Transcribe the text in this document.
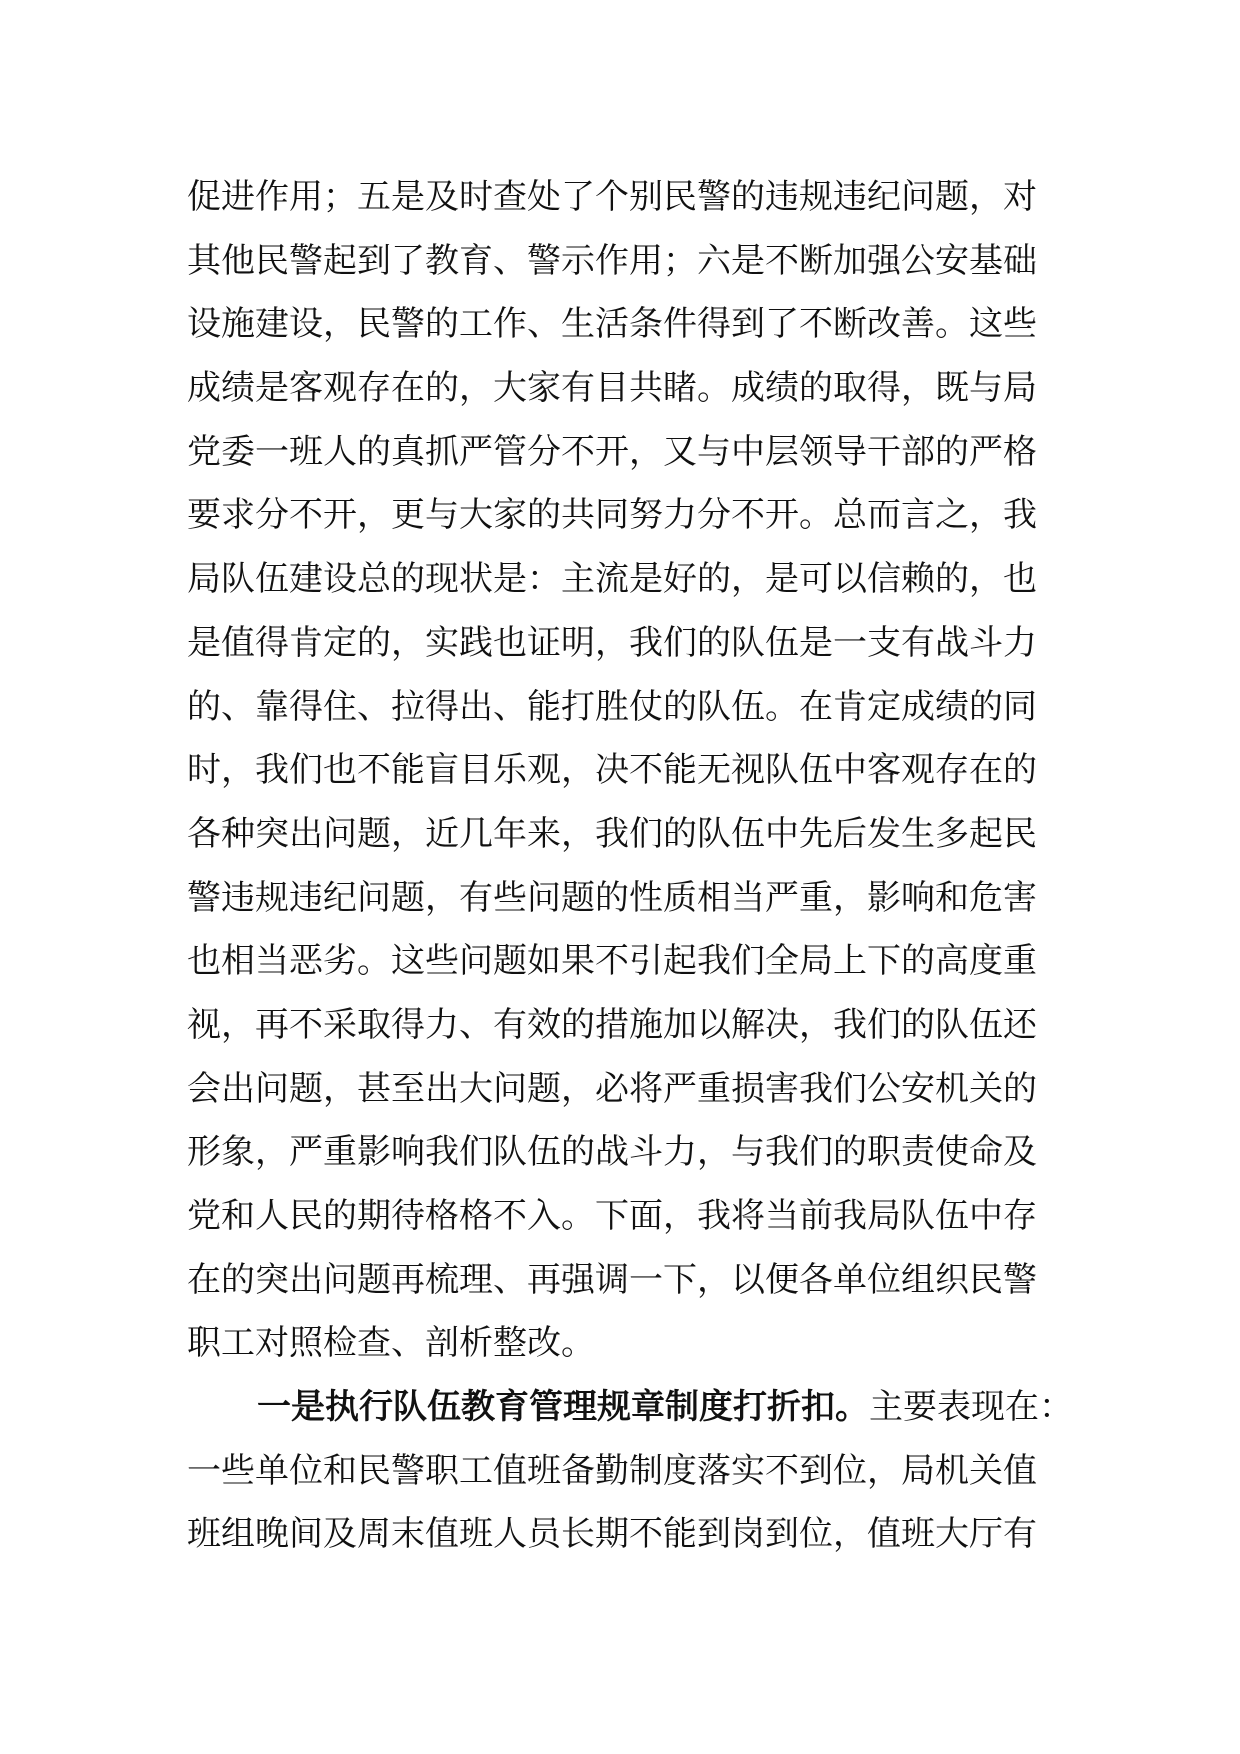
促进作用；五是及时查处了个别民警的违规违纪问题，对
其他民警起到了教育、警示作用；六是不断加强公安基础
设施建设，民警的工作、生活条件得到了不断改善。这些
成绩是客观存在的，大家有目共睹。成绩的取得，既与局
党委一班人的真抓严管分不开，又与中层领导干部的严格
要求分不开，更与大家的共同努力分不开。总而言之，我
局队伍建设总的现状是：主流是好的，是可以信赖的，也
是值得肯定的，实践也证明，我们的队伍是一支有战斗力
的、靠得住、拉得出、能打胜仗的队伍。在肯定成绩的同
时，我们也不能盲目乐观，决不能无视队伍中客观存在的
各种突出问题，近几年来，我们的队伍中先后发生多起民
警违规违纪问题，有些问题的性质相当严重，影响和危害
也相当恶劣。这些问题如果不引起我们全局上下的高度重
视，再不采取得力、有效的措施加以解决，我们的队伍还
会出问题，甚至出大问题，必将严重损害我们公安机关的
形象，严重影响我们队伍的战斗力，与我们的职责使命及
党和人民的期待格格不入。下面，我将当前我局队伍中存
在的突出问题再梳理、再强调一下，以便各单位组织民警
职工对照检查、剖析整改。
一是执行队伍教育管理规章制度打折扣。主要表现在：
一些单位和民警职工值班备勤制度落实不到位，局机关值
班组晚间及周末值班人员长期不能到岗到位，值班大厅有
